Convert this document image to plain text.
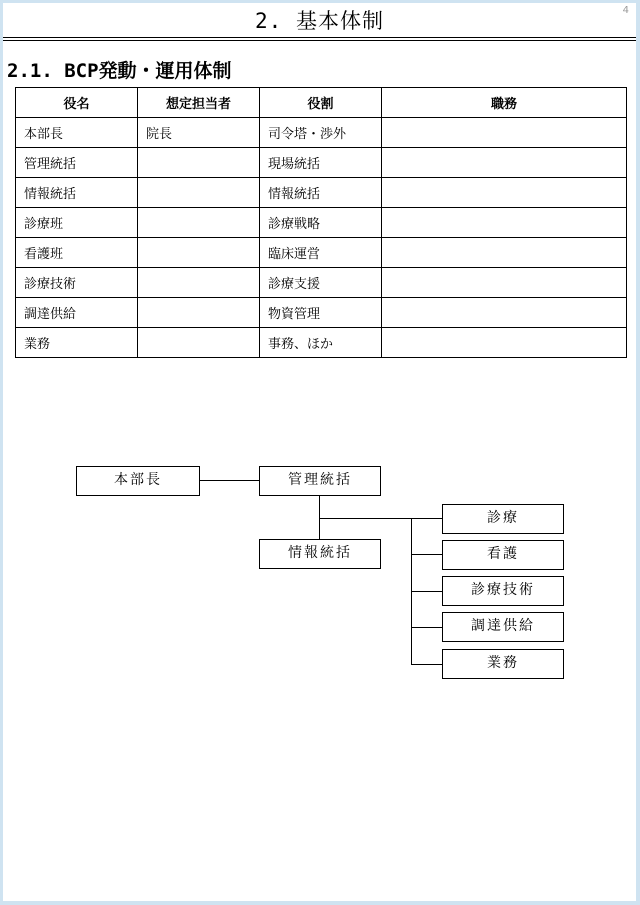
4
2. 基本体制
2.1. BCP発動・運用体制
役名	想定担当者	役割	職務
本部長	院長	司令塔・渉外	
管理統括		現場統括	
情報統括		情報統括	
診療班		診療戦略	
看護班		臨床運営	
診療技術		診療支援	
調達供給		物資管理	
業務		事務、ほか	
本部長	管理統括
情報統括
診療
看護
診療技術
調達供給
業務
